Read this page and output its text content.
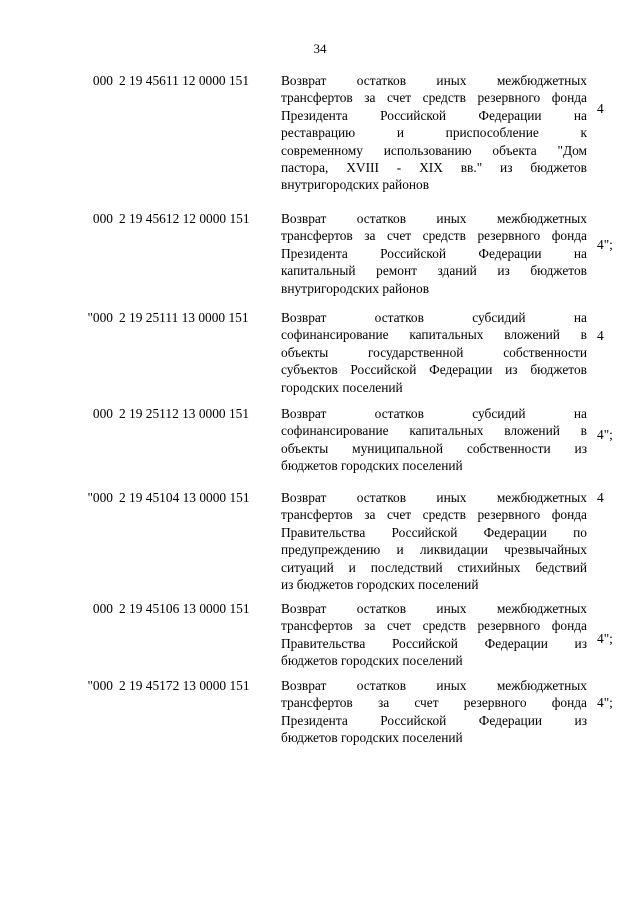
34
000 2 19 45611 12 0000 151 Возврат остатков иных межбюджетных
трансфертов за счет средств резервного фонда
Президента Российской Федерации на
реставрацию и приспособление к
современному использованию объекта "Дом
пастора, XVIII - XIX вв." из бюджетов
внутригородских районов
4
000 2 19 45612 12 0000 151 Возврат остатков иных межбюджетных
трансфертов за счет средств резервного фонда
Президента Российской Федерации на
капитальный ремонт зданий из бюджетов
внутригородских районов
4";
"000 2 19 25111 13 0000 151 Возврат остатков субсидий на
софинансирование капитальных вложений в
объекты государственной собственности
субъектов Российской Федерации из бюджетов
городских поселений
4
000 2 19 25112 13 0000 151 Возврат остатков субсидий на
софинансирование капитальных вложений в
объекты муниципальной собственности из
бюджетов городских поселений
4";
"000 2 19 45104 13 0000 151 Возврат остатков иных межбюджетных
трансфертов за счет средств резервного фонда
Правительства Российской Федерации по
предупреждению и ликвидации чрезвычайных
ситуаций и последствий стихийных бедствий
из бюджетов городских поселений
4
000 2 19 45106 13 0000 151 Возврат остатков иных межбюджетных
трансфертов за счет средств резервного фонда
Правительства Российской Федерации из
бюджетов городских поселений
4";
"000 2 19 45172 13 0000 151 Возврат остатков иных межбюджетных
трансфертов за счет резервного фонда
Президента Российской Федерации из
бюджетов городских поселений
4";
